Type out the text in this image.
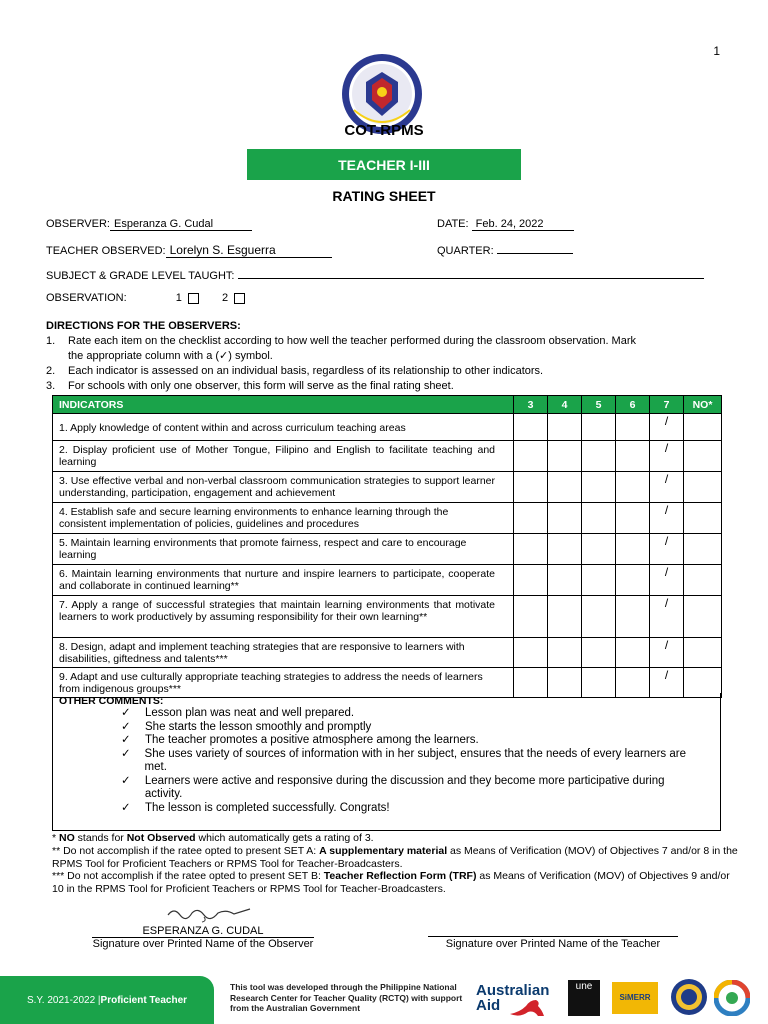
1
COT-RPMS
TEACHER I-III
RATING SHEET
OBSERVER: Esperanza G. Cudal	DATE: Feb. 24, 2022
TEACHER OBSERVED: Lorelyn S. Esguerra	QUARTER:
SUBJECT & GRADE LEVEL TAUGHT:
OBSERVATION:	1	2
DIRECTIONS FOR THE OBSERVERS:
1.	Rate each item on the checklist according to how well the teacher performed during the classroom observation. Mark
the appropriate column with a (✓) symbol.
2.	Each indicator is assessed on an individual basis, regardless of its relationship to other indicators.
3.	For schools with only one observer, this form will serve as the final rating sheet.
INDICATORS	3	4	5	6	7	NO*
1. Apply knowledge of content within and across curriculum teaching areas					/	
2. Display proficient use of Mother Tongue, Filipino and English to facilitate teaching and learning					/	
3. Use effective verbal and non-verbal classroom communication strategies to support learner understanding, participation, engagement and achievement					/	
4. Establish safe and secure learning environments to enhance learning through the consistent implementation of policies, guidelines and procedures					/	
5. Maintain learning environments that promote fairness, respect and care to encourage learning					/	
6. Maintain learning environments that nurture and inspire learners to participate, cooperate and collaborate in continued learning**					/	
7. Apply a range of successful strategies that maintain learning environments that motivate learners to work productively by assuming responsibility for their own learning**					/	
8. Design, adapt and implement teaching strategies that are responsive to learners with disabilities, giftedness and talents***					/	
9. Adapt and use culturally appropriate teaching strategies to address the needs of learners from indigenous groups***					/	
OTHER COMMENTS:
✓	Lesson plan was neat and well prepared.
✓	She starts the lesson smoothly and promptly
✓	The teacher promotes a positive atmosphere among the learners.
✓	She uses variety of sources of information with in her subject, ensures that the needs of every learners are met.
✓	Learners were active and responsive during the discussion and they become more participative during activity.
✓	The lesson is completed successfully. Congrats!
* NO stands for Not Observed which automatically gets a rating of 3.
** Do not accomplish if the ratee opted to present SET A: A supplementary material as Means of Verification (MOV) of Objectives 7 and/or 8 in the RPMS Tool for Proficient Teachers or RPMS Tool for Teacher-Broadcasters.
*** Do not accomplish if the ratee opted to present SET B: Teacher Reflection Form (TRF) as Means of Verification (MOV) of Objectives 9 and/or 10 in the RPMS Tool for Proficient Teachers or RPMS Tool for Teacher-Broadcasters.
ESPERANZA G. CUDAL
Signature over Printed Name of the Observer	Signature over Printed Name of the Teacher
S.Y. 2021-2022 | Proficient Teacher
This tool was developed through the Philippine National Research Center for Teacher Quality (RCTQ) with support from the Australian Government
Australian
Aid
une
SiMERR
